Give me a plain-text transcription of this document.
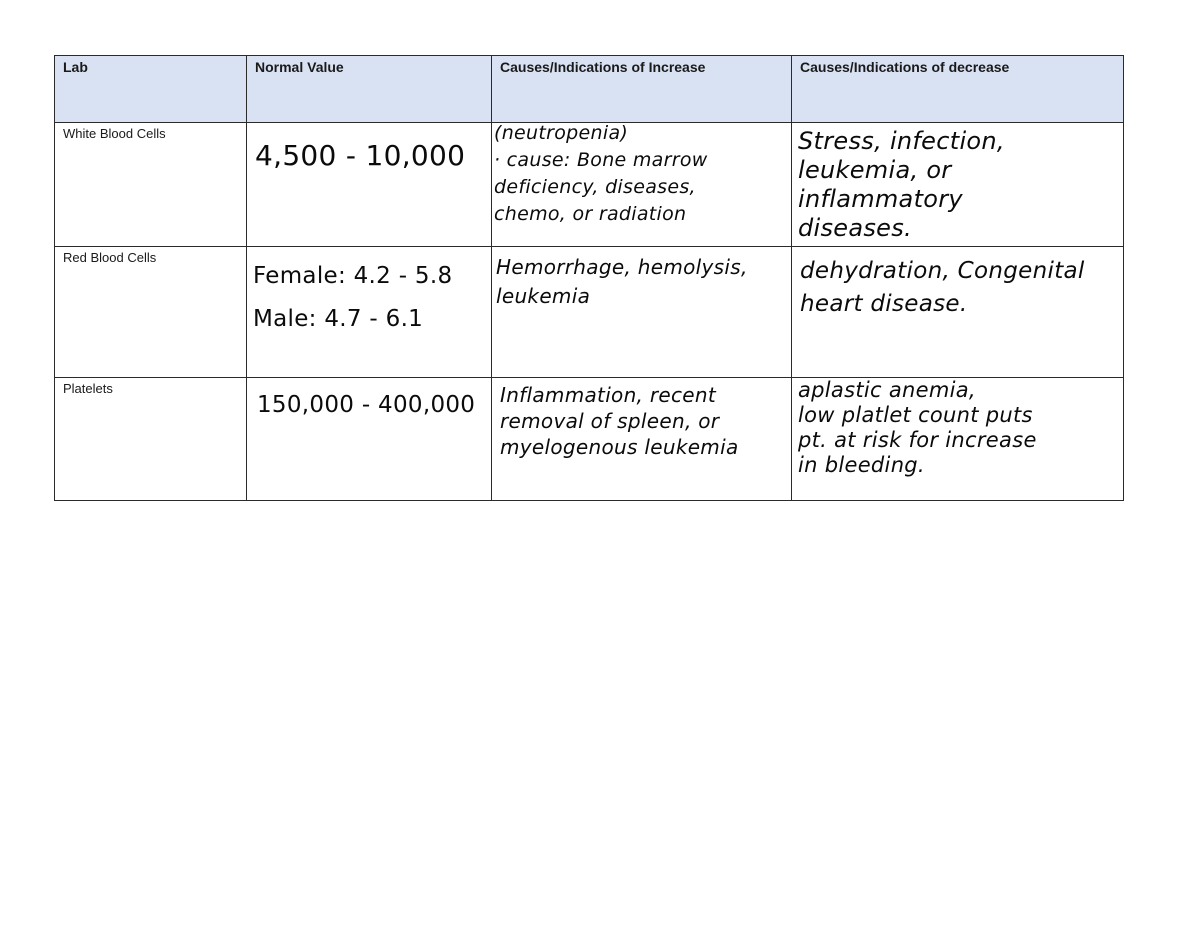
Lab	Normal Value	Causes/Indications of Increase	Causes/Indications of decrease

White Blood Cells	4,500 - 10,000	(neutropenia)
· cause: Bone marrow
deficiency, diseases,
chemo, or radiation	Stress, infection,
leukemia, or
inflammatory
diseases.

Red Blood Cells	Female: 4.2 - 5.8
Male: 4.7 - 6.1	Hemorrhage, hemolysis,
leukemia	dehydration, Congenital
heart disease.

Platelets	150,000 - 400,000	Inflammation, recent
removal of spleen, or
myelogenous leukemia	aplastic anemia,
low platlet count puts
pt. at risk for increase
in bleeding.
